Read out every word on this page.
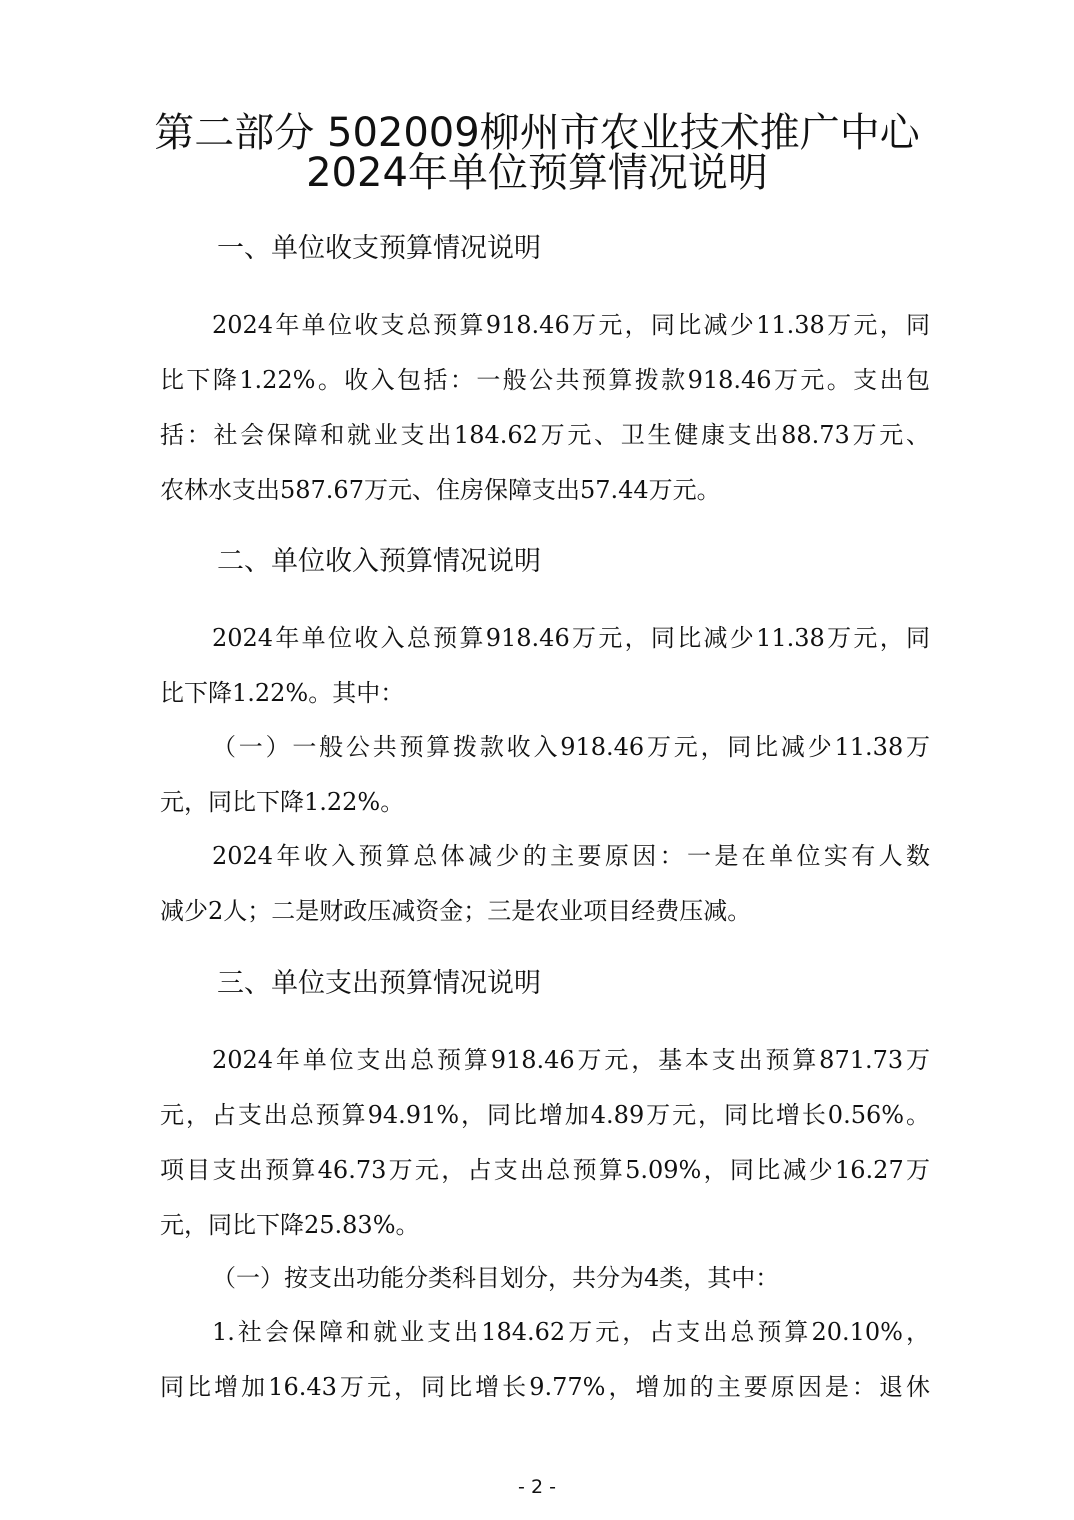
第二部分 502009柳州市农业技术推广中心
2024年单位预算情况说明
一、单位收支预算情况说明
2024年单位收支总预算918.46万元，同比减少11.38万元，同
比下降1.22%。收入包括：一般公共预算拨款918.46万元。支出包
括：社会保障和就业支出184.62万元、卫生健康支出88.73万元、
农林水支出587.67万元、住房保障支出57.44万元。
二、单位收入预算情况说明
2024年单位收入总预算918.46万元，同比减少11.38万元，同
比下降1.22%。其中：
（一）一般公共预算拨款收入918.46万元，同比减少11.38万
元，同比下降1.22%。
2024年收入预算总体减少的主要原因：一是在单位实有人数
减少2人；二是财政压减资金；三是农业项目经费压减。
三、单位支出预算情况说明
2024年单位支出总预算918.46万元，基本支出预算871.73万
元，占支出总预算94.91%，同比增加4.89万元，同比增长0.56%。
项目支出预算46.73万元，占支出总预算5.09%，同比减少16.27万
元，同比下降25.83%。
（一）按支出功能分类科目划分，共分为4类，其中：
1.社会保障和就业支出184.62万元，占支出总预算20.10%，
同比增加16.43万元，同比增长9.77%，增加的主要原因是：退休
- 2 -
